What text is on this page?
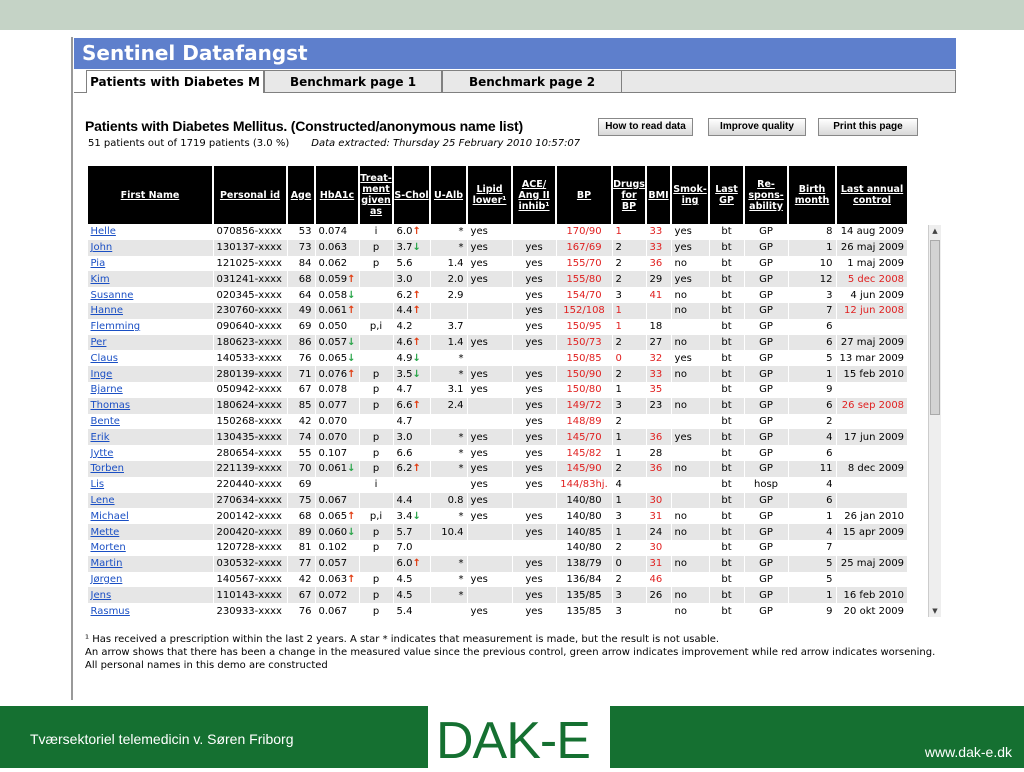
Sentinel Datafangst
Patients with Diabetes M	Benchmark page 1	Benchmark page 2
Patients with Diabetes Mellitus. (Constructed/anonymous name list)
51 patients out of 1719 patients (3.0 %) Data extracted: Thursday 25 February 2010 10:57:07
How to read data	Improve quality	Print this page
First Name	Personal id	Age	HbA1c	Treat-ment given as	S-Chol	U-Alb	Lipid lower¹	ACE/ Ang II inhib¹	BP	Drugs for BP	BMI	Smok-ing	Last GP	Re-spons-ability	Birth month	Last annual control
Helle	070856-xxxx	53	0.074	i	6.0↑	*	yes		170/90	1	33	yes	bt	GP	8	14 aug 2009
John	130137-xxxx	73	0.063	p	3.7↓	*	yes	yes	167/69	2	33	yes	bt	GP	1	26 maj 2009
Pia	121025-xxxx	84	0.062	p	5.6	1.4	yes	yes	155/70	2	36	no	bt	GP	10	1 maj 2009
Kim	031241-xxxx	68	0.059↑		3.0	2.0	yes	yes	155/80	2	29	yes	bt	GP	12	5 dec 2008
Susanne	020345-xxxx	64	0.058↓		6.2↑	2.9		yes	154/70	3	41	no	bt	GP	3	4 jun 2009
Hanne	230760-xxxx	49	0.061↑		4.4↑			yes	152/108	1		no	bt	GP	7	12 jun 2008
Flemming	090640-xxxx	69	0.050	p,i	4.2	3.7		yes	150/95	1	18		bt	GP	6	
Per	180623-xxxx	86	0.057↓		4.6↑	1.4	yes	yes	150/73	2	27	no	bt	GP	6	27 maj 2009
Claus	140533-xxxx	76	0.065↓		4.9↓	*			150/85	0	32	yes	bt	GP	5	13 mar 2009
Inge	280139-xxxx	71	0.076↑	p	3.5↓	*	yes	yes	150/90	2	33	no	bt	GP	1	15 feb 2010
Bjarne	050942-xxxx	67	0.078	p	4.7	3.1	yes	yes	150/80	1	35		bt	GP	9	
Thomas	180624-xxxx	85	0.077	p	6.6↑	2.4		yes	149/72	3	23	no	bt	GP	6	26 sep 2008
Bente	150268-xxxx	42	0.070		4.7			yes	148/89	2			bt	GP	2	
Erik	130435-xxxx	74	0.070	p	3.0	*	yes	yes	145/70	1	36	yes	bt	GP	4	17 jun 2009
Jytte	280654-xxxx	55	0.107	p	6.6	*	yes	yes	145/82	1	28		bt	GP	6	
Torben	221139-xxxx	70	0.061↓	p	6.2↑	*	yes	yes	145/90	2	36	no	bt	GP	11	8 dec 2009
Lis	220440-xxxx	69		i			yes	yes	144/83hj.	4			bt	hosp	4	
Lene	270634-xxxx	75	0.067		4.4	0.8	yes		140/80	1	30		bt	GP	6	
Michael	200142-xxxx	68	0.065↑	p,i	3.4↓	*	yes	yes	140/80	3	31	no	bt	GP	1	26 jan 2010
Mette	200420-xxxx	89	0.060↓	p	5.7	10.4		yes	140/85	1	24	no	bt	GP	4	15 apr 2009
Morten	120728-xxxx	81	0.102	p	7.0				140/80	2	30		bt	GP	7	
Martin	030532-xxxx	77	0.057		6.0↑	*		yes	138/79	0	31	no	bt	GP	5	25 maj 2009
Jørgen	140567-xxxx	42	0.063↑	p	4.5	*	yes	yes	136/84	2	46		bt	GP	5	
Jens	110143-xxxx	67	0.072	p	4.5	*		yes	135/85	3	26	no	bt	GP	1	16 feb 2010
Rasmus	230933-xxxx	76	0.067	p	5.4		yes	yes	135/85	3		no	bt	GP	9	20 okt 2009
▲
▼
¹ Has received a prescription within the last 2 years. A star * indicates that measurement is made, but the result is not usable.
An arrow shows that there has been a change in the measured value since the previous control, green arrow indicates improvement while red arrow indicates worsening.
All personal names in this demo are constructed
Tværsektoriel telemedicin v. Søren Friborg	DAK-E	www.dak-e.dk
